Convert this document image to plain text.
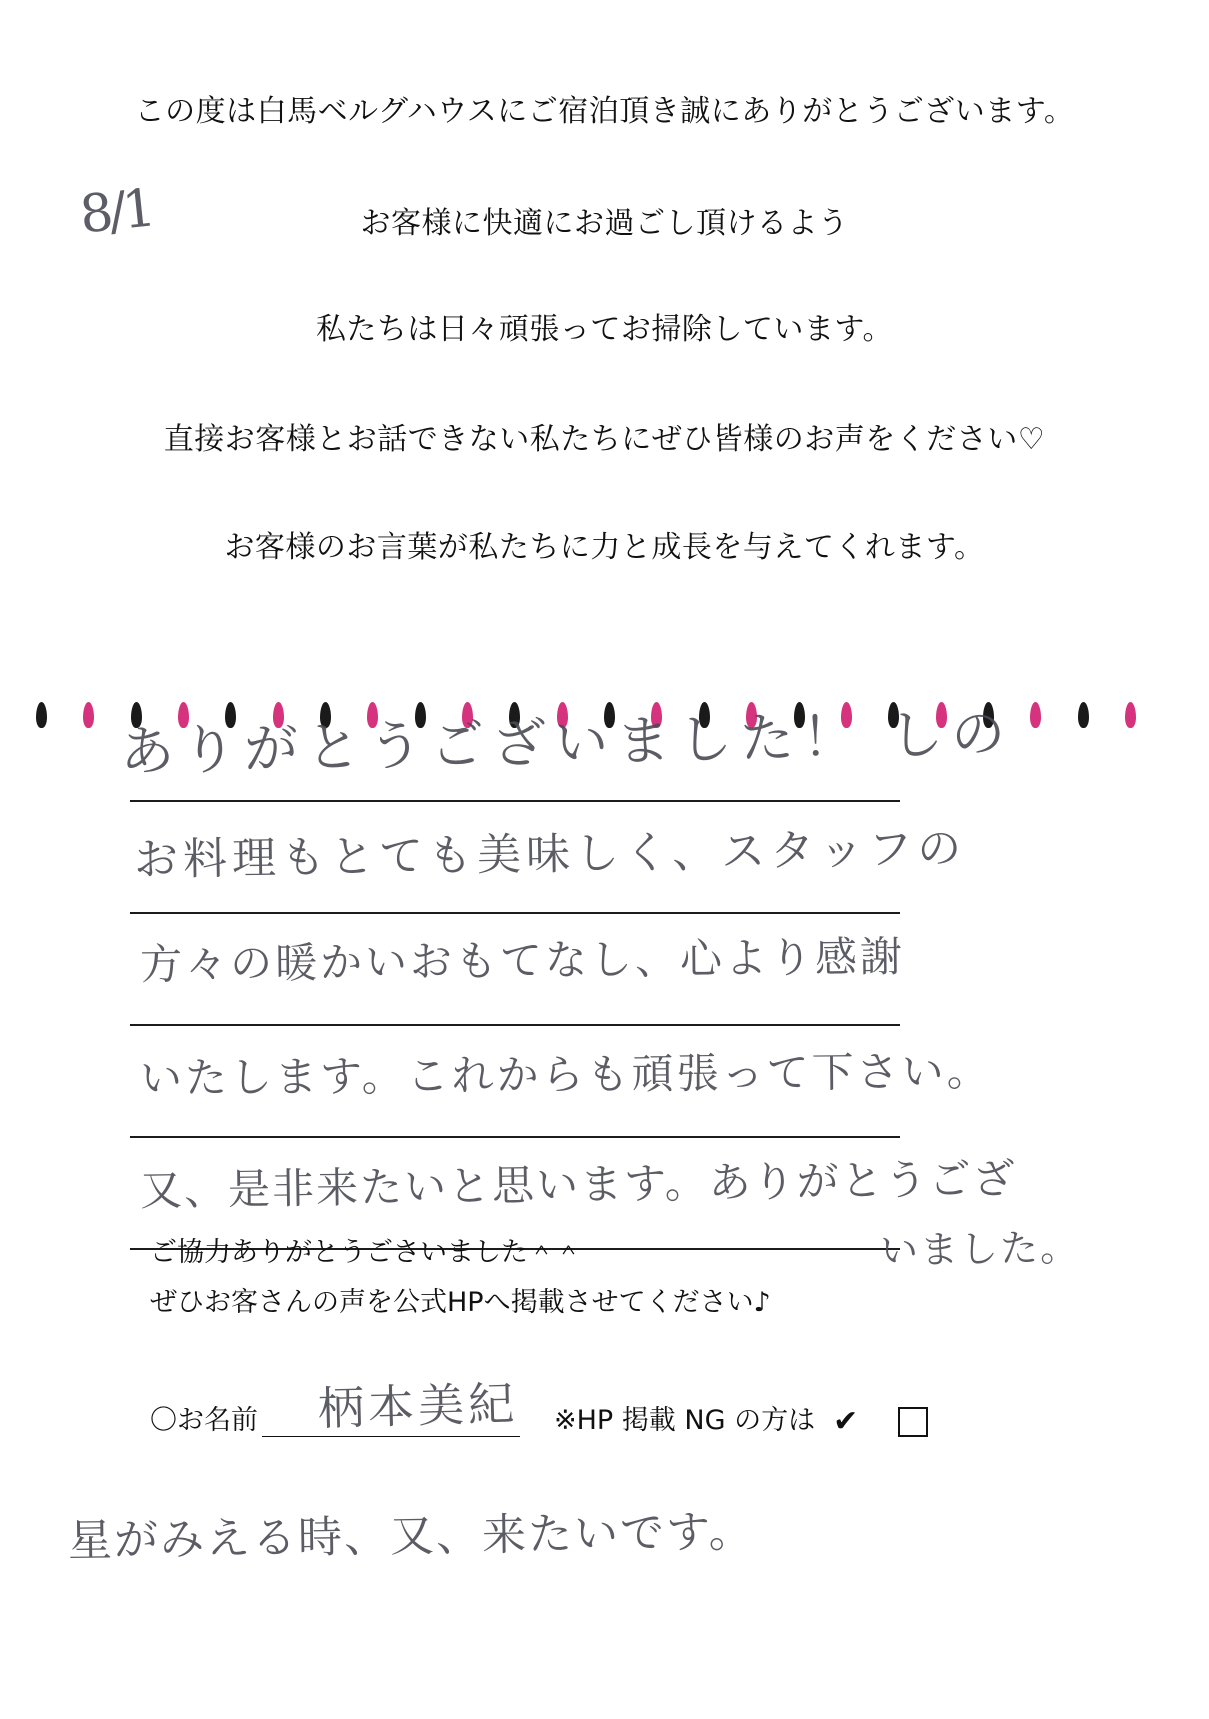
この度は白馬ベルグハウスにご宿泊頂き誠にありがとうございます。
お客様に快適にお過ごし頂けるよう
私たちは日々頑張ってお掃除しています。
直接お客様とお話できない私たちにぜひ皆様のお声をください♡
お客様のお言葉が私たちに力と成長を与えてくれます。
8/1
ありがとうございました！ しの
お料理もとても美味しく、スタッフの
方々の暖かいおもてなし、心より感謝
いたします。これからも頑張って下さい。
又、是非来たいと思います。ありがとうござ
いました。
ご協力ありがとうごさいました＾＾
ぜひお客さんの声を公式HPへ掲載させてください♪
〇お名前	※HP 掲載 NG の方は ✔
柄本美紀
星がみえる時、又、来たいです。
